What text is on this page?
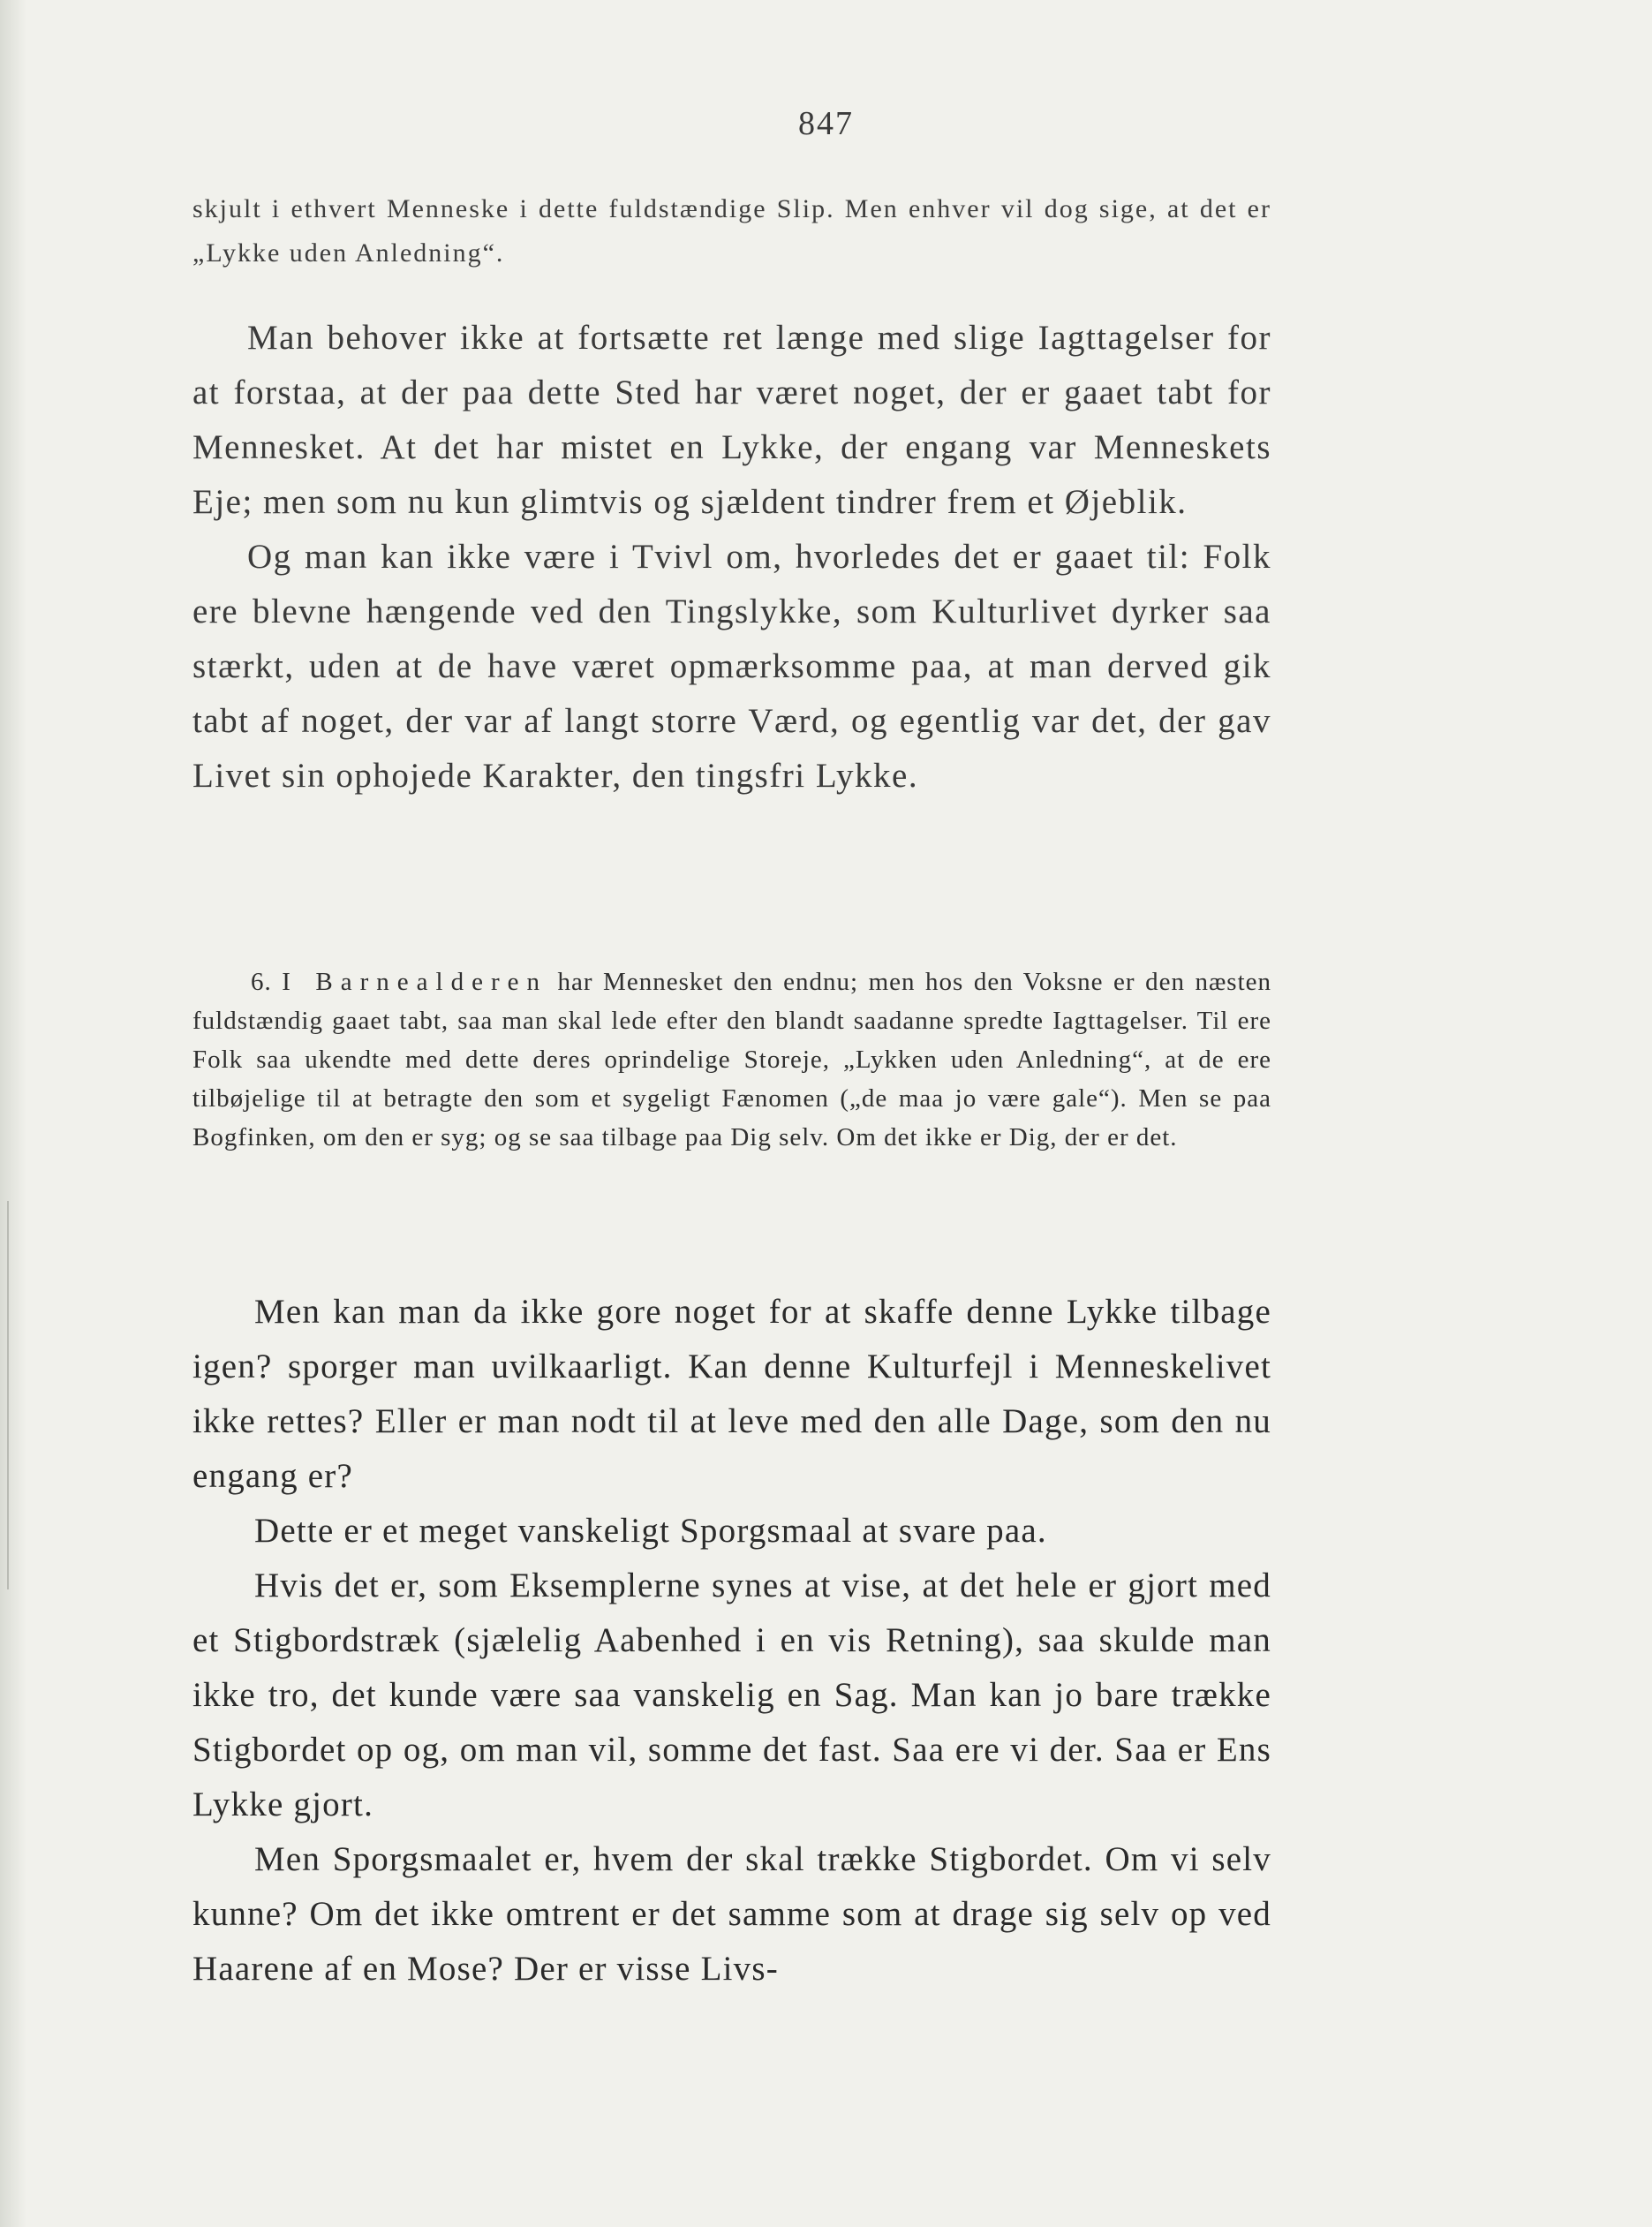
847

skjult i ethvert Menneske i dette fuldstændige Slip. Men enhver vil dog sige, at det er „Lykke uden Anledning“.

Man behover ikke at fortsætte ret længe med slige Iagttagelser for at forstaa, at der paa dette Sted har været noget, der er gaaet tabt for Mennesket. At det har mistet en Lykke, der engang var Menneskets Eje; men som nu kun glimtvis og sjældent tindrer frem et Øjeblik.

Og man kan ikke være i Tvivl om, hvorledes det er gaaet til: Folk ere blevne hængende ved den Tingslykke, som Kulturlivet dyrker saa stærkt, uden at de have været opmærksomme paa, at man derved gik tabt af noget, der var af langt storre Værd, og egentlig var det, der gav Livet sin ophojede Karakter, den tingsfri Lykke.

6. I Barnealderen har Mennesket den endnu; men hos den Voksne er den næsten fuldstændig gaaet tabt, saa man skal lede efter den blandt saadanne spredte Iagttagelser. Til ere Folk saa ukendte med dette deres oprindelige Storeje, „Lykken uden Anledning“, at de ere tilbøjelige til at betragte den som et sygeligt Fænomen („de maa jo være gale“). Men se paa Bogfinken, om den er syg; og se saa tilbage paa Dig selv. Om det ikke er Dig, der er det.

Men kan man da ikke gore noget for at skaffe denne Lykke tilbage igen? sporger man uvilkaarligt. Kan denne Kulturfejl i Menneskelivet ikke rettes? Eller er man nodt til at leve med den alle Dage, som den nu engang er?

Dette er et meget vanskeligt Sporgsmaal at svare paa.

Hvis det er, som Eksemplerne synes at vise, at det hele er gjort med et Stigbordstræk (sjælelig Aabenhed i en vis Retning), saa skulde man ikke tro, det kunde være saa vanskelig en Sag. Man kan jo bare trække Stigbordet op og, om man vil, somme det fast. Saa ere vi der. Saa er Ens Lykke gjort.

Men Sporgsmaalet er, hvem der skal trække Stigbordet. Om vi selv kunne? Om det ikke omtrent er det samme som at drage sig selv op ved Haarene af en Mose? Der er visse Livs-
